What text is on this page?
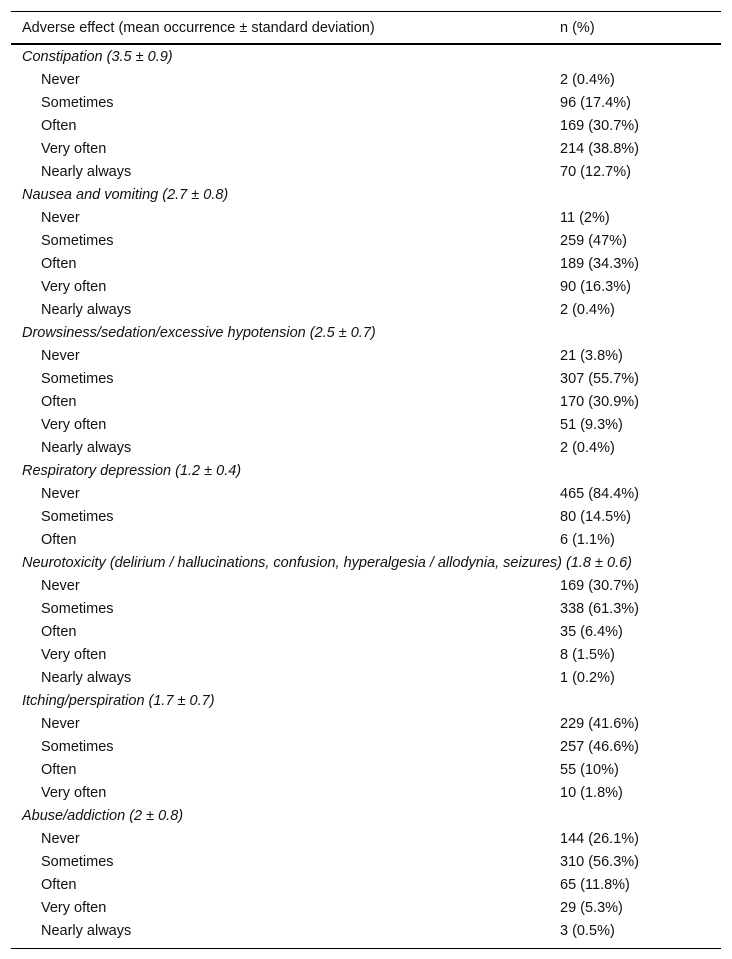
Adverse effect (mean occurrence ± standard deviation)	n (%)
Constipation (3.5 ± 0.9)
Never	2 (0.4%)
Sometimes	96 (17.4%)
Often	169 (30.7%)
Very often	214 (38.8%)
Nearly always	70 (12.7%)
Nausea and vomiting (2.7 ± 0.8)
Never	11 (2%)
Sometimes	259 (47%)
Often	189 (34.3%)
Very often	90 (16.3%)
Nearly always	2 (0.4%)
Drowsiness/sedation/excessive hypotension (2.5 ± 0.7)
Never	21 (3.8%)
Sometimes	307 (55.7%)
Often	170 (30.9%)
Very often	51 (9.3%)
Nearly always	2 (0.4%)
Respiratory depression (1.2 ± 0.4)
Never	465 (84.4%)
Sometimes	80 (14.5%)
Often	6 (1.1%)
Neurotoxicity (delirium / hallucinations, confusion, hyperalgesia / allodynia, seizures) (1.8 ± 0.6)
Never	169 (30.7%)
Sometimes	338 (61.3%)
Often	35 (6.4%)
Very often	8 (1.5%)
Nearly always	1 (0.2%)
Itching/perspiration (1.7 ± 0.7)
Never	229 (41.6%)
Sometimes	257 (46.6%)
Often	55 (10%)
Very often	10 (1.8%)
Abuse/addiction (2 ± 0.8)
Never	144 (26.1%)
Sometimes	310 (56.3%)
Often	65 (11.8%)
Very often	29 (5.3%)
Nearly always	3 (0.5%)
